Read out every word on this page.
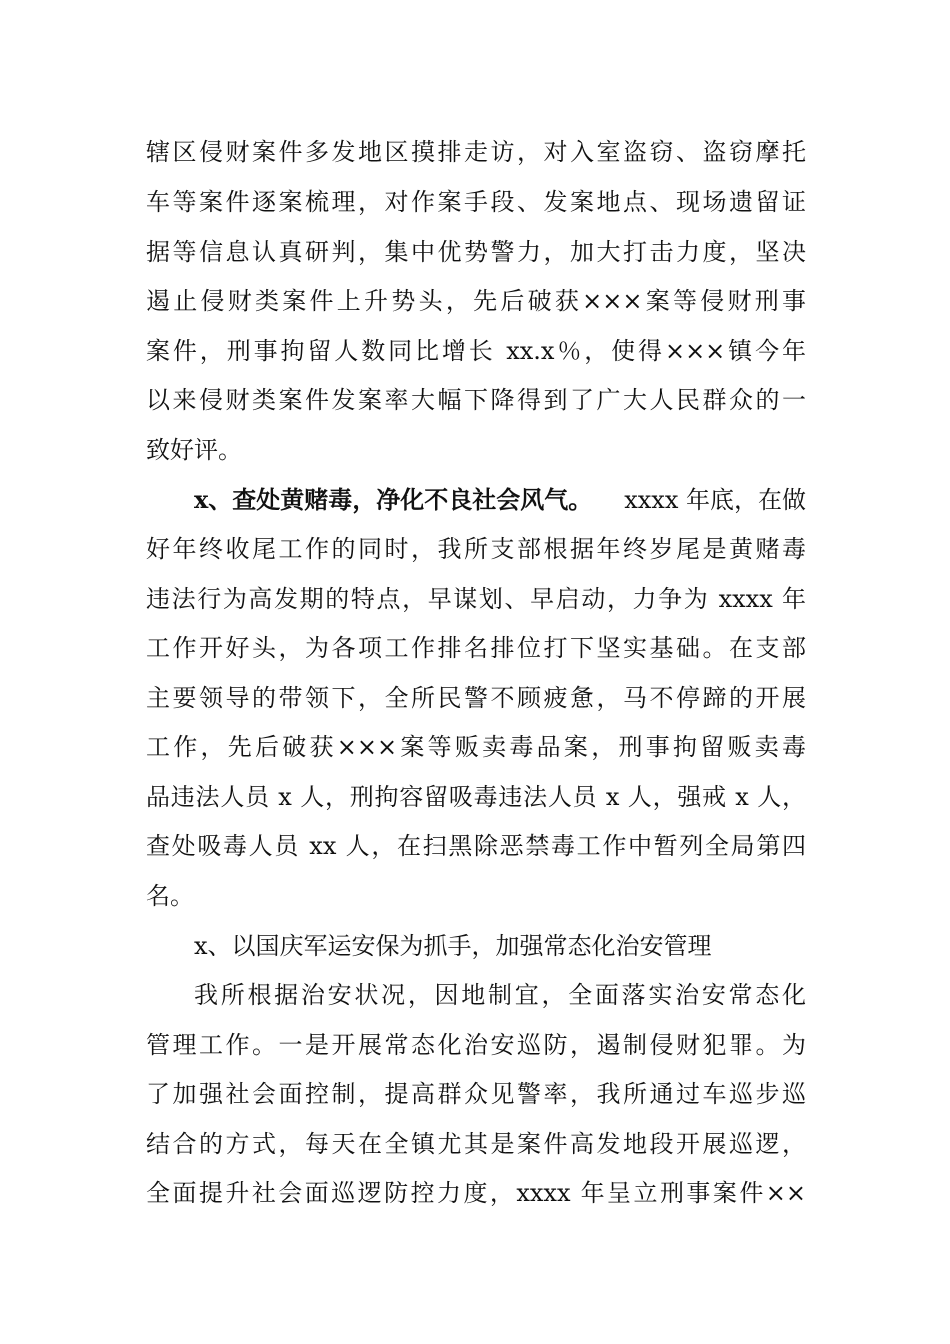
辖区侵财案件多发地区摸排走访，对入室盗窃、盗窃摩托
车等案件逐案梳理，对作案手段、发案地点、现场遗留证
据等信息认真研判，集中优势警力，加大打击力度，坚决
遏止侵财类案件上升势头，先后破获×××案等侵财刑事
案件，刑事拘留人数同比增长 xx.x％，使得×××镇今年
以来侵财类案件发案率大幅下降得到了广大人民群众的一
致好评。
x、查处黄赌毒，净化不良社会风气。 xxxx 年底，在做
好年终收尾工作的同时，我所支部根据年终岁尾是黄赌毒
违法行为高发期的特点，早谋划、早启动，力争为 xxxx 年
工作开好头，为各项工作排名排位打下坚实基础。在支部
主要领导的带领下，全所民警不顾疲惫，马不停蹄的开展
工作，先后破获×××案等贩卖毒品案，刑事拘留贩卖毒
品违法人员 x 人，刑拘容留吸毒违法人员 x 人，强戒 x 人，
查处吸毒人员 xx 人，在扫黑除恶禁毒工作中暂列全局第四
名。
x、以国庆军运安保为抓手，加强常态化治安管理
我所根据治安状况，因地制宜，全面落实治安常态化
管理工作。一是开展常态化治安巡防，遏制侵财犯罪。为
了加强社会面控制，提高群众见警率，我所通过车巡步巡
结合的方式，每天在全镇尤其是案件高发地段开展巡逻，
全面提升社会面巡逻防控力度，xxxx 年呈立刑事案件××
